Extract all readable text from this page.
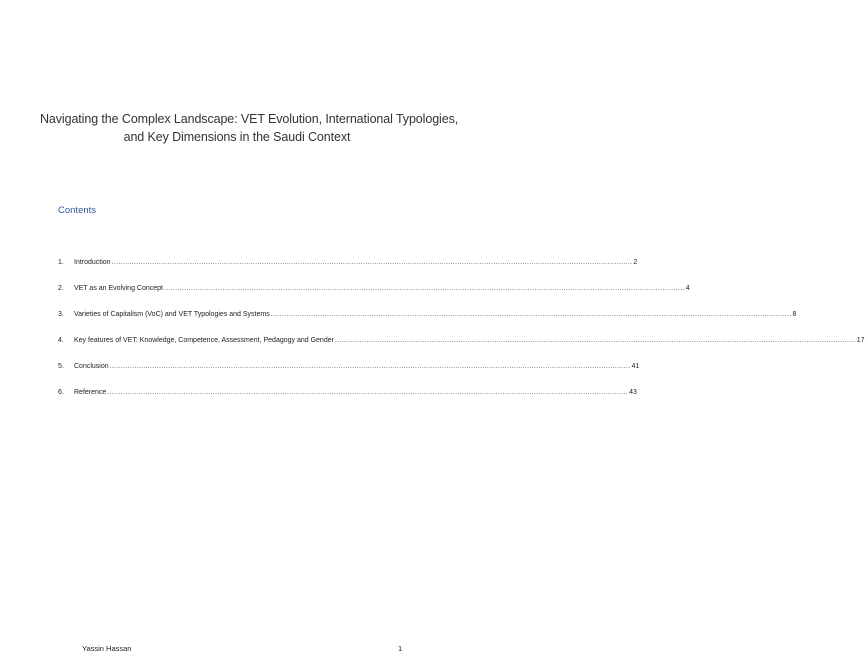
Navigating the Complex Landscape: VET Evolution, International Typologies,
and Key Dimensions in the Saudi Context
Contents
1.	Introduction ........................................................................................................................................................................................................................................ 2
2.	VET as an Evolving Concept ........................................................................................................................................................................................................................................ 4
3.	Varieties of Capitalism (VoC) and VET Typologies and Systems ........................................................................................................................................................................................................................................ 8
4.	Key features of VET: Knowledge, Competence, Assessment, Pedagogy and Gender ........................................................................................................................................................................................................................................ 17
5.	Conclusion ........................................................................................................................................................................................................................................ 41
6.	Reference ........................................................................................................................................................................................................................................ 43
Yassin Hassan	1
